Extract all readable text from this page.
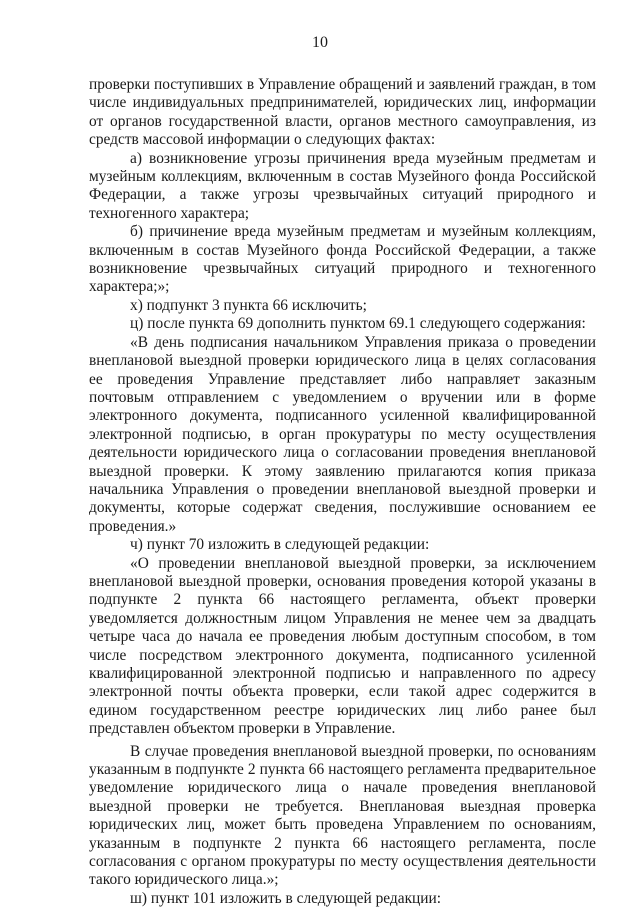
10

проверки поступивших в Управление обращений и заявлений граждан, в том числе индивидуальных предпринимателей, юридических лиц, информации от органов государственной власти, органов местного самоуправления, из средств массовой информации о следующих фактах:

а) возникновение угрозы причинения вреда музейным предметам и музейным коллекциям, включенным в состав Музейного фонда Российской Федерации, а также угрозы чрезвычайных ситуаций природного и техногенного характера;

б) причинение вреда музейным предметам и музейным коллекциям, включенным в состав Музейного фонда Российской Федерации, а также возникновение чрезвычайных ситуаций природного и техногенного характера;»;

х) подпункт 3 пункта 66 исключить;

ц) после пункта 69 дополнить пунктом 69.1 следующего содержания:

«В день подписания начальником Управления приказа о проведении внеплановой выездной проверки юридического лица в целях согласования ее проведения Управление представляет либо направляет заказным почтовым отправлением с уведомлением о вручении или в форме электронного документа, подписанного усиленной квалифицированной электронной подписью, в орган прокуратуры по месту осуществления деятельности юридического лица о согласовании проведения внеплановой выездной проверки. К этому заявлению прилагаются копия приказа начальника Управления о проведении внеплановой выездной проверки и документы, которые содержат сведения, послужившие основанием ее проведения.»

ч) пункт 70 изложить в следующей редакции:

«О проведении внеплановой выездной проверки, за исключением внеплановой выездной проверки, основания проведения которой указаны в подпункте 2 пункта 66 настоящего регламента, объект проверки уведомляется должностным лицом Управления не менее чем за двадцать четыре часа до начала ее проведения любым доступным способом, в том числе посредством электронного документа, подписанного усиленной квалифицированной электронной подписью и направленного по адресу электронной почты объекта проверки, если такой адрес содержится в едином государственном реестре юридических лиц либо ранее был представлен объектом проверки в Управление.

В случае проведения внеплановой выездной проверки, по основаниям указанным в подпункте 2 пункта 66 настоящего регламента предварительное уведомление юридического лица о начале проведения внеплановой выездной проверки не требуется. Внеплановая выездная проверка юридических лиц, может быть проведена Управлением по основаниям, указанным в подпункте 2 пункта 66 настоящего регламента, после согласования с органом прокуратуры по месту осуществления деятельности такого юридического лица.»;

ш) пункт 101 изложить в следующей редакции:
